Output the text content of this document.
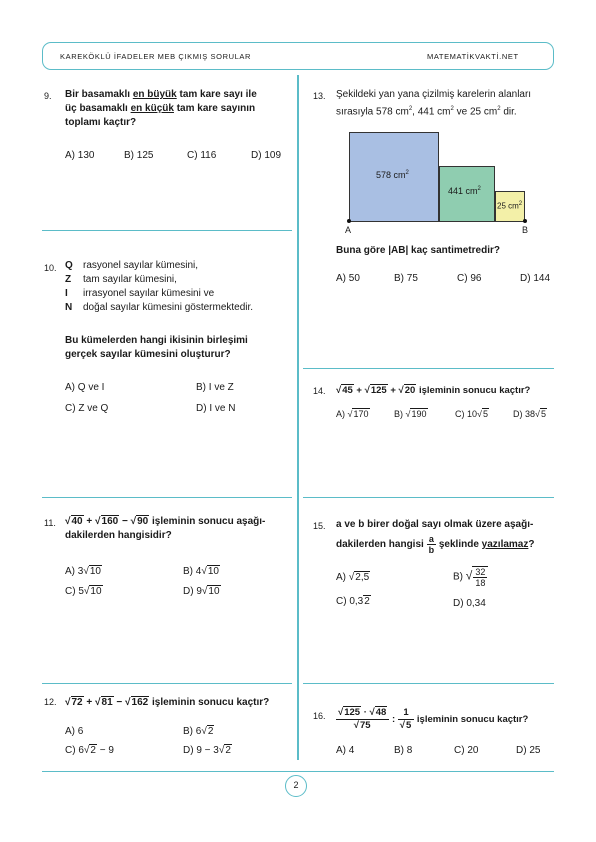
KAREKÖKLÜ İFADELER MEB ÇIKMIŞ SORULAR	MATEMATİKVAKTİ.NET
2
9. Bir basamaklı en büyük tam kare sayı ile
üç basamaklı en küçük tam kare sayının
toplamı kaçtır?
A) 130	B) 125	C) 116	D) 109
10. Q rasyonel sayılar kümesini,
Z tam sayılar kümesini,
I irrasyonel sayılar kümesini ve
N doğal sayılar kümesini göstermektedir.
Bu kümelerden hangi ikisinin birleşimi
gerçek sayılar kümesini oluşturur?
A) Q ve I	B) I ve Z
C) Z ve Q	D) I ve N
11. √40 + √160 − √90 işleminin sonucu aşağı-
dakilerden hangisidir?
A) 3√10	B) 4√10
C) 5√10	D) 9√10
12. √72 + √81 − √162 işleminin sonucu kaçtır?
A) 6	B) 6√2
C) 6√2 − 9	D) 9 − 3√2
13. Şekildeki yan yana çizilmiş karelerin alanları
sırasıyla 578 $cm^2$, 441 $cm^2$ ve 25 $cm^2$ dir.
578 $cm^2$
441 $cm^2$
25 $cm^2$
A	B
Buna göre |AB| kaç santimetredir?
A) 50	B) 75	C) 96	D) 144
14. √45 + √125 + √20 işleminin sonucu kaçtır?
A) √170	B) √190	C) 10√5	D) 38√5
15. a ve b birer doğal sayı olmak üzere aşağı-
dakilerden hangisi $\frac{a}{b}$ şeklinde yazılamaz?
A) √2,5	B) √ $\frac{32}{18}$
C) 0,32	D) 0,34
16. $\frac{√125 \cdot √48}{√75}$ : $\frac{1}{√5}$ işleminin sonucu kaçtır?
A) 4	B) 8	C) 20	D) 25
